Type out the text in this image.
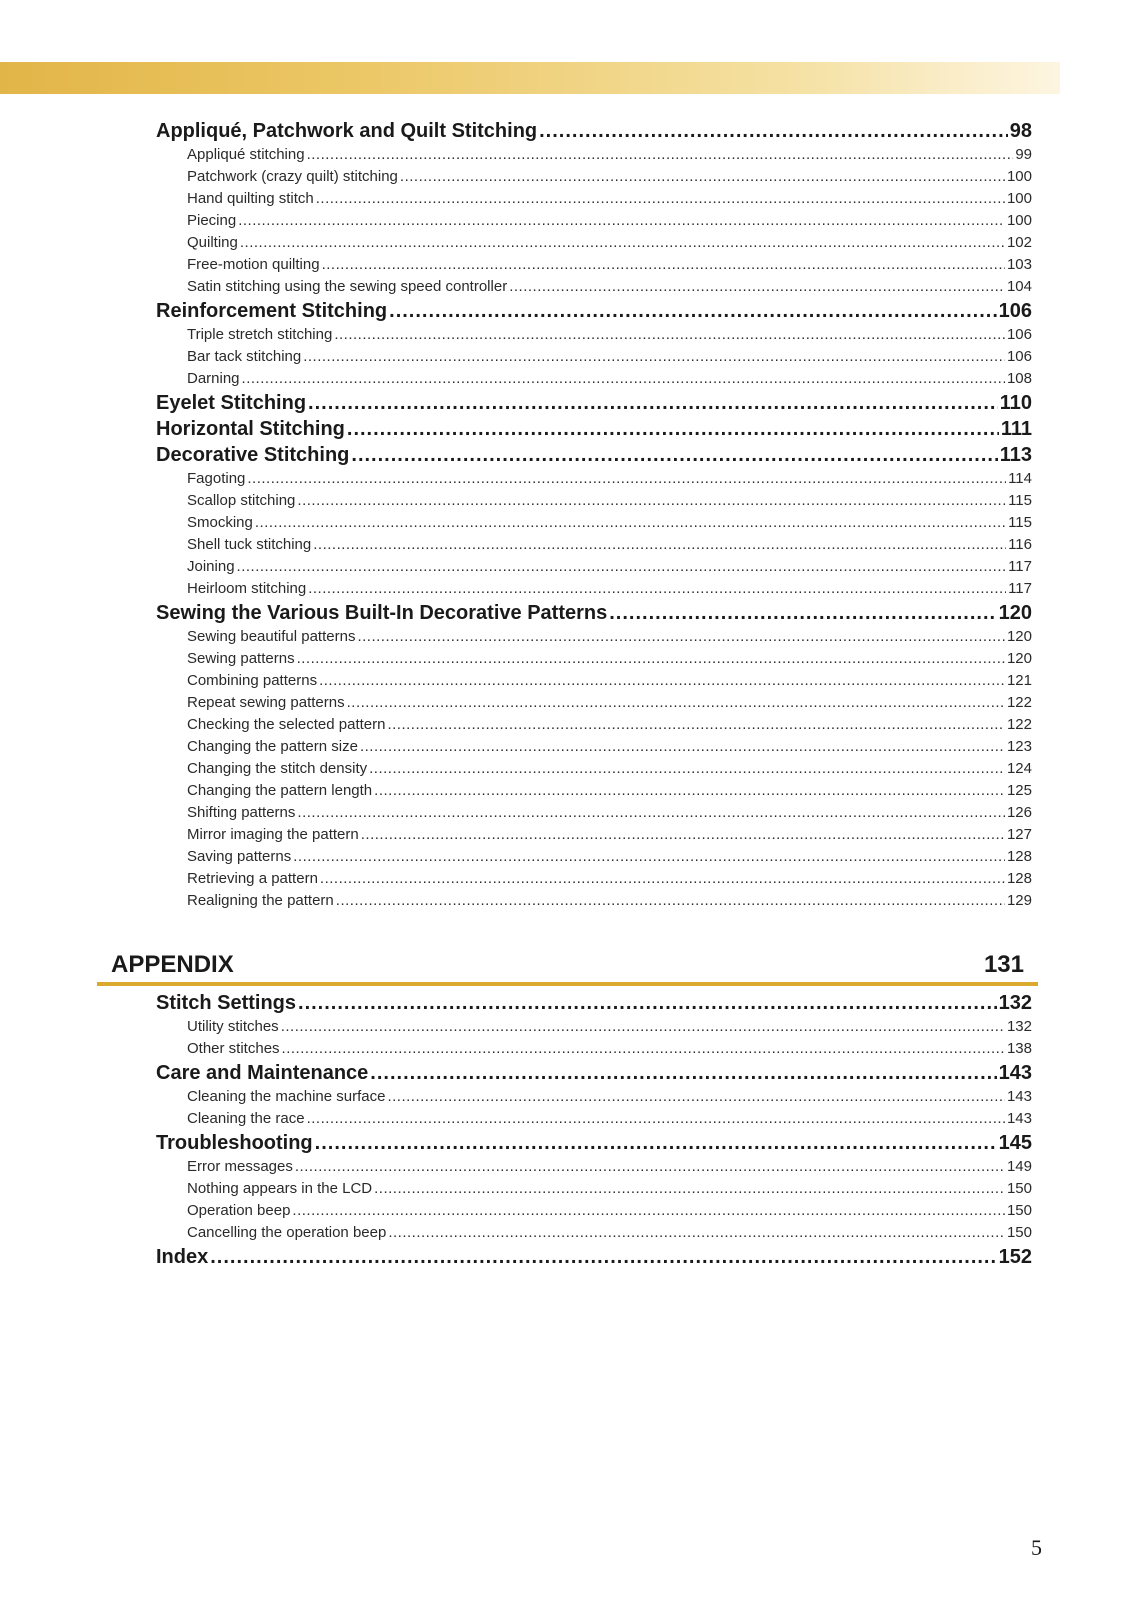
Appliqué, Patchwork and Quilt Stitching .....	98
Appliqué stitching .....	99
Patchwork (crazy quilt) stitching .....	100
Hand quilting stitch .....	100
Piecing .....	100
Quilting .....	102
Free-motion quilting .....	103
Satin stitching using the sewing speed controller .....	104
Reinforcement Stitching .....	106
Triple stretch stitching .....	106
Bar tack stitching .....	106
Darning .....	108
Eyelet Stitching .....	110
Horizontal Stitching .....	111
Decorative Stitching .....	113
Fagoting .....	114
Scallop stitching .....	115
Smocking .....	115
Shell tuck stitching .....	116
Joining .....	117
Heirloom stitching .....	117
Sewing the Various Built-In Decorative Patterns .....	120
Sewing beautiful patterns .....	120
Sewing patterns .....	120
Combining patterns .....	121
Repeat sewing patterns .....	122
Checking the selected pattern .....	122
Changing the pattern size .....	123
Changing the stitch density .....	124
Changing the pattern length .....	125
Shifting patterns .....	126
Mirror imaging the pattern .....	127
Saving patterns .....	128
Retrieving a pattern .....	128
Realigning the pattern .....	129
APPENDIX	131
Stitch Settings .....	132
Utility stitches .....	132
Other stitches .....	138
Care and Maintenance .....	143
Cleaning the machine surface .....	143
Cleaning the race .....	143
Troubleshooting .....	145
Error messages .....	149
Nothing appears in the LCD .....	150
Operation beep .....	150
Cancelling the operation beep .....	150
Index .....	152
5
